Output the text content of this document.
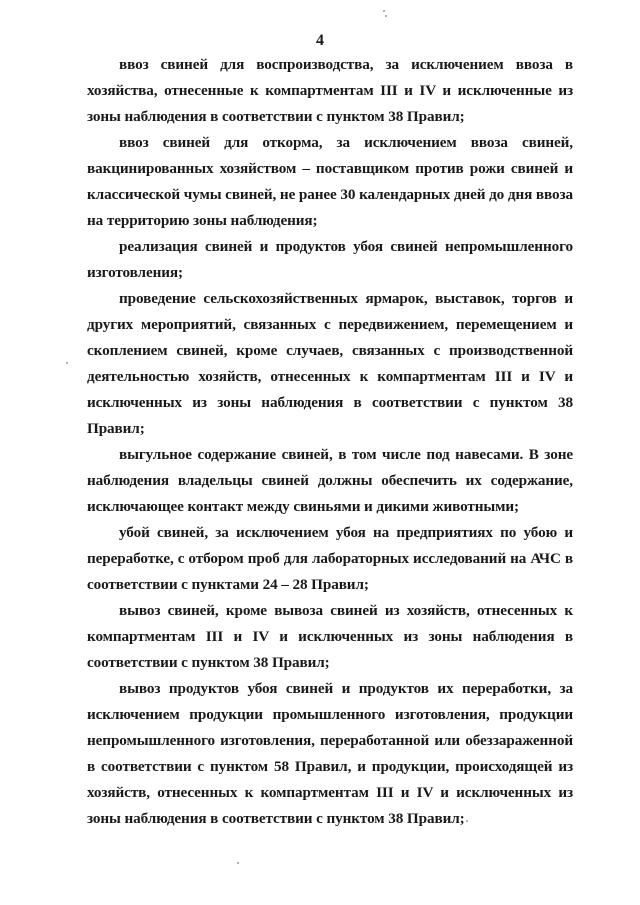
4

ввоз свиней для воспроизводства, за исключением ввоза в хозяйства, отнесенные к компартментам III и IV и исключенные из зоны наблюдения в соответствии с пунктом 38 Правил;

ввоз свиней для откорма, за исключением ввоза свиней, вакцинированных хозяйством – поставщиком против рожи свиней и классической чумы свиней, не ранее 30 календарных дней до дня ввоза на территорию зоны наблюдения;

реализация свиней и продуктов убоя свиней непромышленного изготовления;

проведение сельскохозяйственных ярмарок, выставок, торгов и других мероприятий, связанных с передвижением, перемещением и скоплением свиней, кроме случаев, связанных с производственной деятельностью хозяйств, отнесенных к компартментам III и IV и исключенных из зоны наблюдения в соответствии с пунктом 38 Правил;

выгульное содержание свиней, в том числе под навесами. В зоне наблюдения владельцы свиней должны обеспечить их содержание, исключающее контакт между свиньями и дикими животными;

убой свиней, за исключением убоя на предприятиях по убою и переработке, с отбором проб для лабораторных исследований на АЧС в соответствии с пунктами 24 – 28 Правил;

вывоз свиней, кроме вывоза свиней из хозяйств, отнесенных к компартментам III и IV и исключенных из зоны наблюдения в соответствии с пунктом 38 Правил;

вывоз продуктов убоя свиней и продуктов их переработки, за исключением продукции промышленного изготовления, продукции непромышленного изготовления, переработанной или обеззараженной в соответствии с пунктом 58 Правил, и продукции, происходящей из хозяйств, отнесенных к компартментам III и IV и исключенных из зоны наблюдения в соответствии с пунктом 38 Правил;
